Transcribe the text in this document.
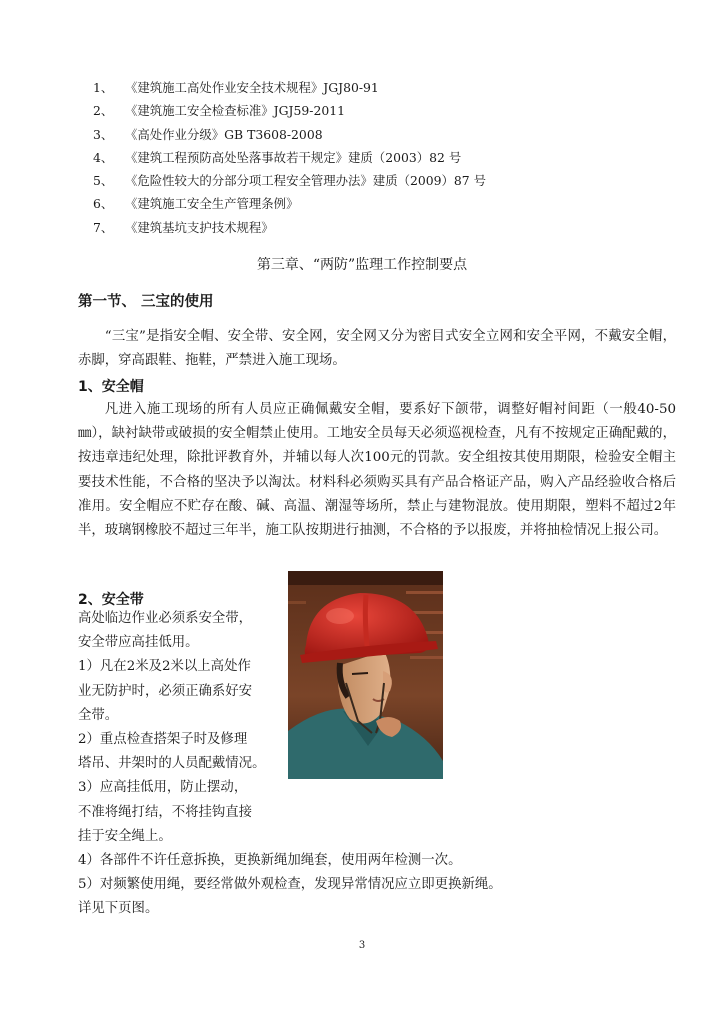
1、 《建筑施工高处作业安全技术规程》JGJ80-91
2、 《建筑施工安全检查标准》JGJ59-2011
3、 《高处作业分级》GB T3608-2008
4、 《建筑工程预防高处坠落事故若干规定》建质（2003）82 号
5、 《危险性较大的分部分项工程安全管理办法》建质（2009）87 号
6、 《建筑施工安全生产管理条例》
7、 《建筑基坑支护技术规程》
第三章、“两防”监理工作控制要点
第一节、 三宝的使用

“三宝”是指安全帽、安全带、安全网，安全网又分为密目式安全立网和安全平网，不戴安全帽，赤脚，穿高跟鞋、拖鞋，严禁进入施工现场。

1、安全帽

凡进入施工现场的所有人员应正确佩戴安全帽，要系好下颌带，调整好帽衬间距（一般40-50㎜），缺衬缺带或破损的安全帽禁止使用。工地安全员每天必须巡视检查，凡有不按规定正确配戴的，按违章违纪处理，除批评教育外，并辅以每人次100元的罚款。安全组按其使用期限，检验安全帽主要技术性能，不合格的坚决予以淘汰。材料科必须购买具有产品合格证产品，购入产品经验收合格后准用。安全帽应不贮存在酸、碱、高温、潮湿等场所，禁止与建物混放。使用期限，塑料不超过2年半，玻璃钢橡胶不超过三年半，施工队按期进行抽测，不合格的予以报废，并将抽检情况上报公司。

2、安全带
高处临边作业必须系安全带，
安全带应高挂低用。
1）凡在2米及2米以上高处作
业无防护时，必须正确系好安
全带。
2）重点检查搭架子时及修理
塔吊、井架时的人员配戴情况。
3）应高挂低用，防止摆动，
不准将绳打结，不将挂钩直接
挂于安全绳上。
4）各部件不许任意拆换，更换新绳加绳套，使用两年检测一次。
5）对频繁使用绳，要经常做外观检查，发现异常情况应立即更换新绳。
详见下页图。
3
